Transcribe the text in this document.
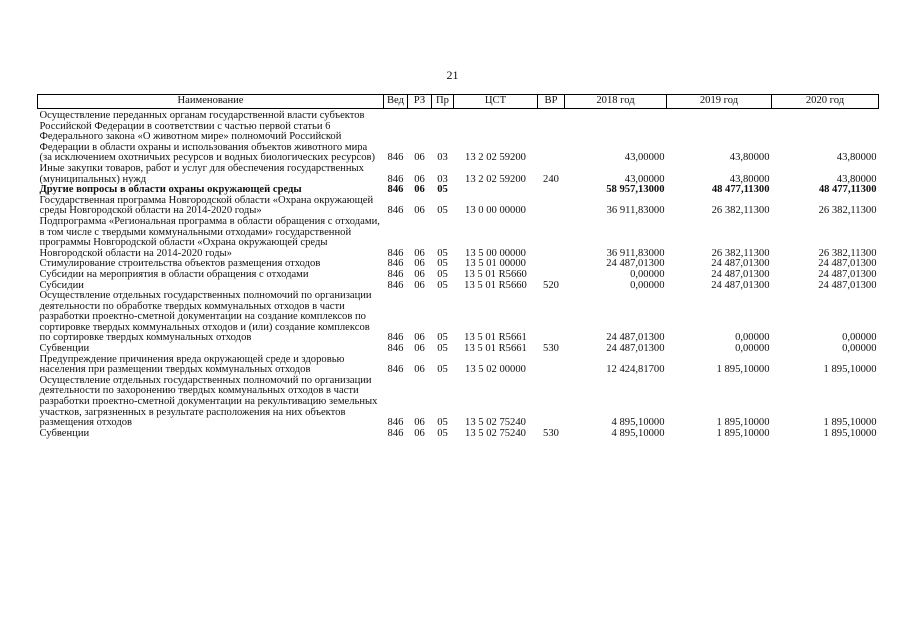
21
Наименование	Вед	РЗ	Пр	ЦСТ	ВР	2018 год	2019 год	2020 год

Осуществление переданных органам государственной власти субъектов Российской Федерации в соответствии с частью первой статьи 6 Федерального закона «О животном мире» полномочий Российской Федерации в области охраны и использования объектов животного мира (за исключением охотничьих ресурсов и водных биологических ресурсов)	846	06	03	13 2 02 59200		43,00000	43,80000	43,80000
Иные закупки товаров, работ и услуг для обеспечения государственных (муниципальных) нужд	846	06	03	13 2 02 59200	240	43,00000	43,80000	43,80000
Другие вопросы в области охраны окружающей среды	846	06	05			58 957,13000	48 477,11300	48 477,11300
Государственная программа Новгородской области «Охрана окружающей среды Новгородской области на 2014-2020 годы»	846	06	05	13 0 00 00000		36 911,83000	26 382,11300	26 382,11300
Подпрограмма «Региональная программа в области обращения с отходами, в том числе с твердыми коммунальными отходами» государственной программы Новгородской области «Охрана окружающей среды Новгородской области на 2014-2020 годы»	846	06	05	13 5 00 00000		36 911,83000	26 382,11300	26 382,11300
Стимулирование строительства объектов размещения отходов	846	06	05	13 5 01 00000		24 487,01300	24 487,01300	24 487,01300
Субсидии на мероприятия в области обращения с отходами	846	06	05	13 5 01 R5660		0,00000	24 487,01300	24 487,01300
Субсидии	846	06	05	13 5 01 R5660	520	0,00000	24 487,01300	24 487,01300
Осуществление отдельных государственных полномочий по организации деятельности по обработке твердых коммунальных отходов в части разработки проектно-сметной документации на создание комплексов по сортировке твердых коммунальных отходов и (или) создание комплексов по сортировке твердых коммунальных отходов	846	06	05	13 5 01 R5661		24 487,01300	0,00000	0,00000
Субвенции	846	06	05	13 5 01 R5661	530	24 487,01300	0,00000	0,00000
Предупреждение причинения вреда окружающей среде и здоровью населения при размещении твердых коммунальных отходов	846	06	05	13 5 02 00000		12 424,81700	1 895,10000	1 895,10000
Осуществление отдельных государственных полномочий по организации деятельности по захоронению твердых коммунальных отходов в части разработки проектно-сметной документации на рекультивацию земельных участков, загрязненных в результате расположения на них объектов размещения отходов	846	06	05	13 5 02 75240		4 895,10000	1 895,10000	1 895,10000
Субвенции	846	06	05	13 5 02 75240	530	4 895,10000	1 895,10000	1 895,10000
